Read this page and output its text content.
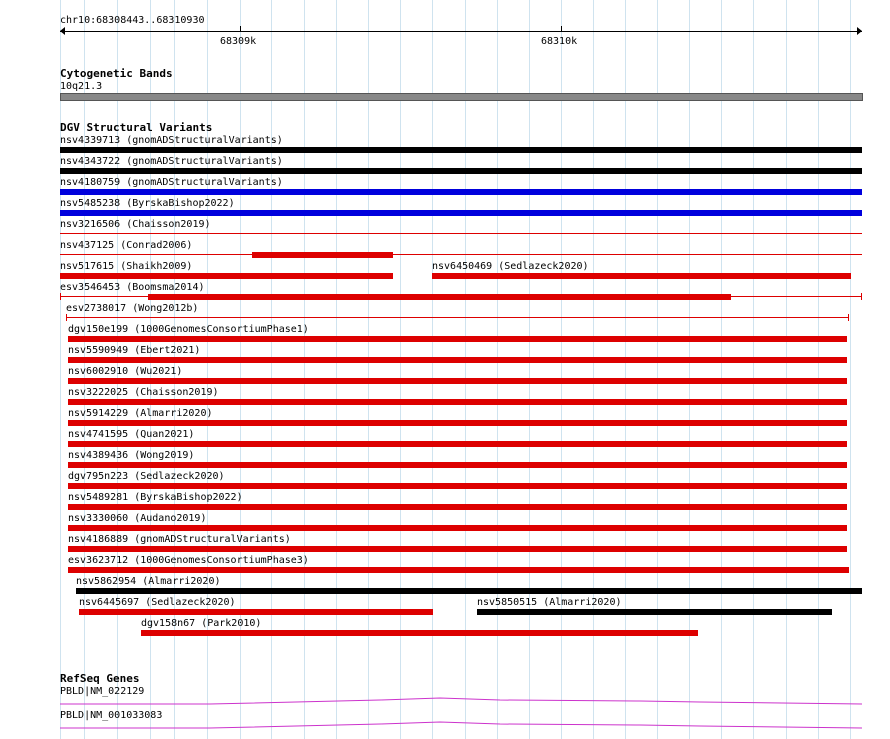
chr10:68308443..68310930
68309k	68310k
Cytogenetic Bands
10q21.3
DGV Structural Variants
nsv4339713 (gnomADStructuralVariants)
nsv4343722 (gnomADStructuralVariants)
nsv4180759 (gnomADStructuralVariants)
nsv5485238 (ByrskaBishop2022)
nsv3216506 (Chaisson2019)
nsv437125 (Conrad2006)
nsv517615 (Shaikh2009)	nsv6450469 (Sedlazeck2020)
esv3546453 (Boomsma2014)
esv2738017 (Wong2012b)
dgv150e199 (1000GenomesConsortiumPhase1)
nsv5590949 (Ebert2021)
nsv6002910 (Wu2021)
nsv3222025 (Chaisson2019)
nsv5914229 (Almarri2020)
nsv4741595 (Quan2021)
nsv4389436 (Wong2019)
dgv795n223 (Sedlazeck2020)
nsv5489281 (ByrskaBishop2022)
nsv3330060 (Audano2019)
nsv4186889 (gnomADStructuralVariants)
esv3623712 (1000GenomesConsortiumPhase3)
nsv5862954 (Almarri2020)
nsv6445697 (Sedlazeck2020)	nsv5850515 (Almarri2020)
dgv158n67 (Park2010)
RefSeq Genes
PBLD|NM_022129
PBLD|NM_001033083
